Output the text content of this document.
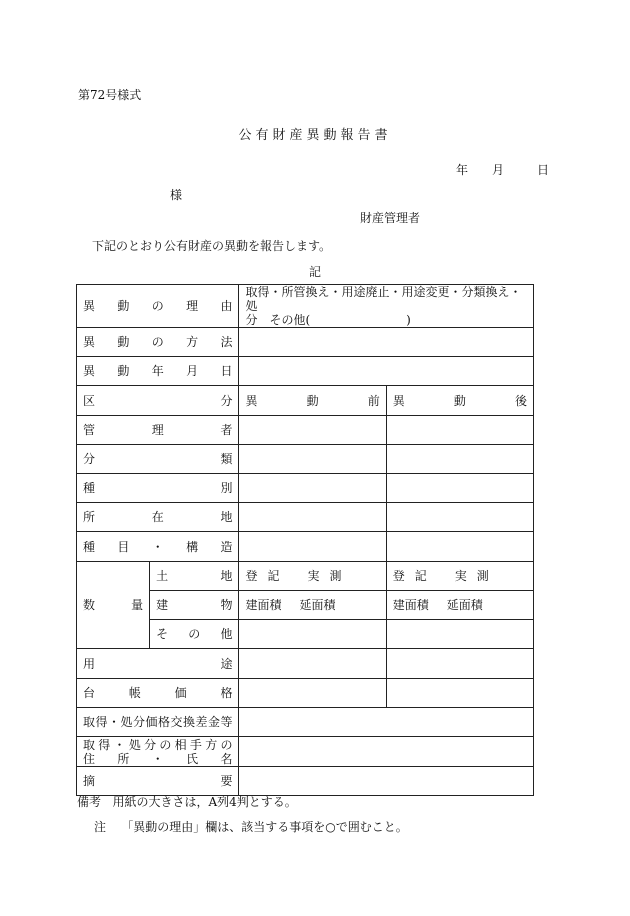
第72号様式
公有財産異動報告書
年 月	日
様
財産管理者
下記のとおり公有財産の異動を報告します。
記
異動の理由		取得・所管換え・用途廃止・用途変更・分類換え・処
分　その他(　　　　　　　　)	

異動の方法			

異動年月日			

区分		異動前	異動後

管理者			

分類			

種別			

所在地			

種目・構造			

数量	土地	登記 実測	登記 実測

	建物	建面積 延面積	建面積 延面積

	その他		

用途			

台帳価格			

取得・処分価格交換差金等			

取得・処分の相手方の
住所・氏名			

摘要			

備考 用紙の大きさは，A列4判とする。
注 「異動の理由」欄は、該当する事項を○で囲むこと。
